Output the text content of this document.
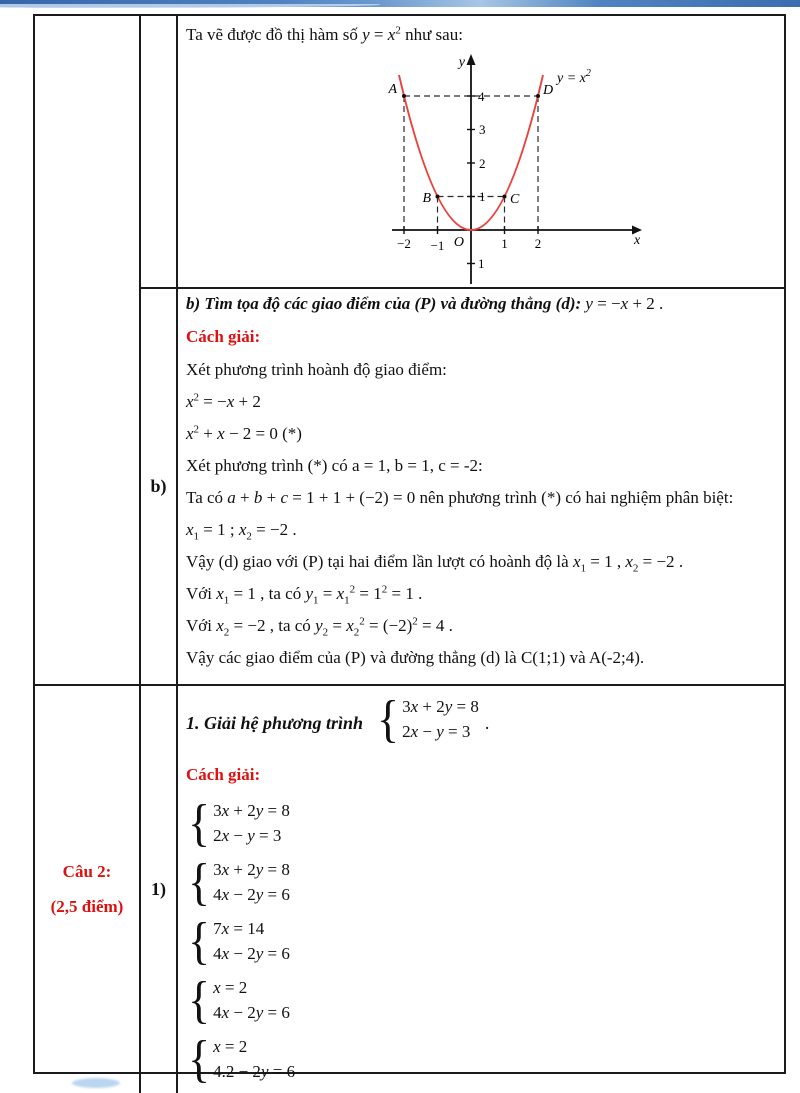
Ta vẽ được đồ thị hàm số $y = x^2$ như sau:
y
x
O
$y = x^2$
−2 −1	1 2
4
3
2
1
1
A
B	C
D
b)
b) Tìm tọa độ các giao điểm của (P) và đường thẳng (d): y = −x + 2 .
Cách giải:
Xét phương trình hoành độ giao điểm:
$x^2 = -x + 2$
$x^2 + x - 2 = 0$ (*)
Xét phương trình (*) có a = 1, b = 1, c = -2:
Ta có a + b + c = 1 + 1 + (−2) = 0 nên phương trình (*) có hai nghiệm phân biệt:
$x_1 = 1$ ; $x_2 = -2$ .
Vậy (d) giao với (P) tại hai điểm lần lượt có hoành độ là $x_1 = 1$ , $x_2 = -2$ .
Với $x_1 = 1$ , ta có $y_1 = x_1^2 = 1^2 = 1$ .
Với $x_2 = -2$ , ta có $y_2 = x_2^2 = (-2)^2 = 4$ .
Vậy các giao điểm của (P) và đường thẳng (d) là C(1;1) và A(-2;4).
Câu 2:
(2,5 điểm)
1)
1. Giải hệ phương trình { 3x + 2y = 8
2x − y = 3 .
Cách giải:
{ 3x + 2y = 8
2x − y = 3
{ 3x + 2y = 8
4x − 2y = 6
{ 7x = 14
4x − 2y = 6
{ x = 2
4x − 2y = 6
{ x = 2
4.2 − 2y = 6
